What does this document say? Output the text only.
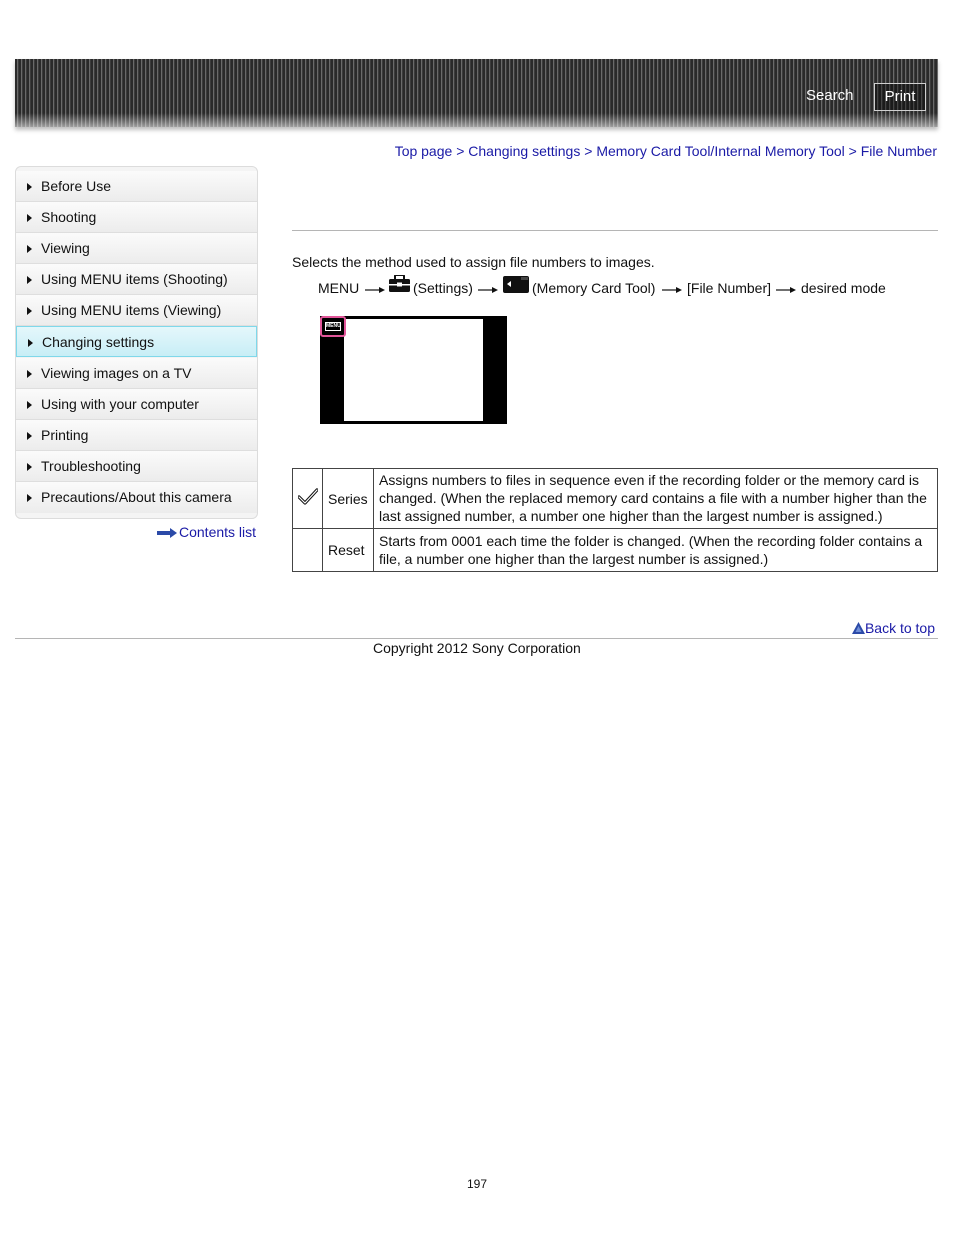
Search	Print
Top page > Changing settings > Memory Card Tool/Internal Memory Tool > File Number
Before Use
Shooting
Viewing
Using MENU items (Shooting)
Using MENU items (Viewing)
Changing settings
Viewing images on a TV
Using with your computer
Printing
Troubleshooting
Precautions/About this camera
Contents list
Selects the method used to assign file numbers to images.
MENU	(Settings)	(Memory Card Tool) [File Number] desired mode
MENU
	Series	Assigns numbers to files in sequence even if the recording folder or the memory card is changed. (When the replaced memory card contains a file with a number higher than the last assigned number, a number one higher than the largest number is assigned.)
	Reset	Starts from 0001 each time the folder is changed. (When the recording folder contains a file, a number one higher than the largest number is assigned.)
Back to top
Copyright 2012 Sony Corporation
197
